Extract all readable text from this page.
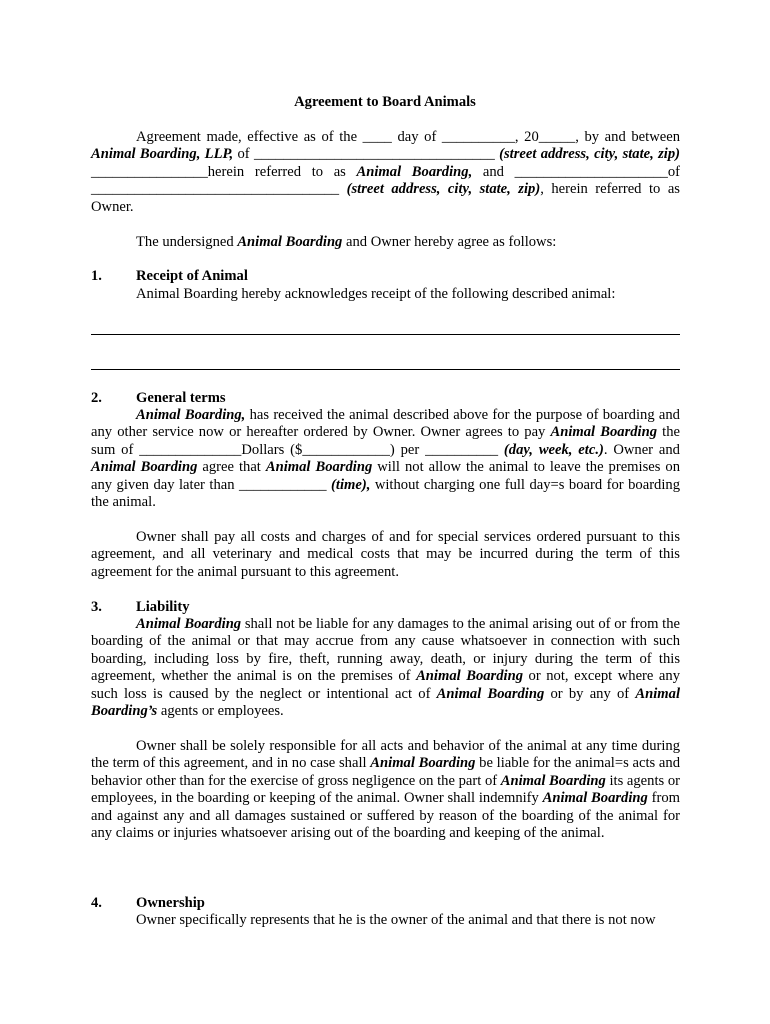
Agreement to Board Animals
Agreement made, effective as of the ____ day of __________, 20_____, by and between Animal Boarding, LLP, of _________________________________ (street address, city, state, zip) ________________herein referred to as Animal Boarding, and _____________________of __________________________________ (street address, city, state, zip), herein referred to as Owner.
The undersigned Animal Boarding and Owner hereby agree as follows:
1. Receipt of Animal
Animal Boarding hereby acknowledges receipt of the following described animal:
2. General terms
Animal Boarding, has received the animal described above for the purpose of boarding and any other service now or hereafter ordered by Owner. Owner agrees to pay Animal Boarding the sum of ______________Dollars ($____________) per __________ (day, week, etc.). Owner and Animal Boarding agree that Animal Boarding will not allow the animal to leave the premises on any given day later than ____________ (time), without charging one full day=s board for boarding the animal.
Owner shall pay all costs and charges of and for special services ordered pursuant to this agreement, and all veterinary and medical costs that may be incurred during the term of this agreement for the animal pursuant to this agreement.
3. Liability
Animal Boarding shall not be liable for any damages to the animal arising out of or from the boarding of the animal or that may accrue from any cause whatsoever in connection with such boarding, including loss by fire, theft, running away, death, or injury during the term of this agreement, whether the animal is on the premises of Animal Boarding or not, except where any such loss is caused by the neglect or intentional act of Animal Boarding or by any of Animal Boarding’s agents or employees.
Owner shall be solely responsible for all acts and behavior of the animal at any time during the term of this agreement, and in no case shall Animal Boarding be liable for the animal=s acts and behavior other than for the exercise of gross negligence on the part of Animal Boarding its agents or employees, in the boarding or keeping of the animal. Owner shall indemnify Animal Boarding from and against any and all damages sustained or suffered by reason of the boarding of the animal for any claims or injuries whatsoever arising out of the boarding and keeping of the animal.
4. Ownership
Owner specifically represents that he is the owner of the animal and that there is not now
